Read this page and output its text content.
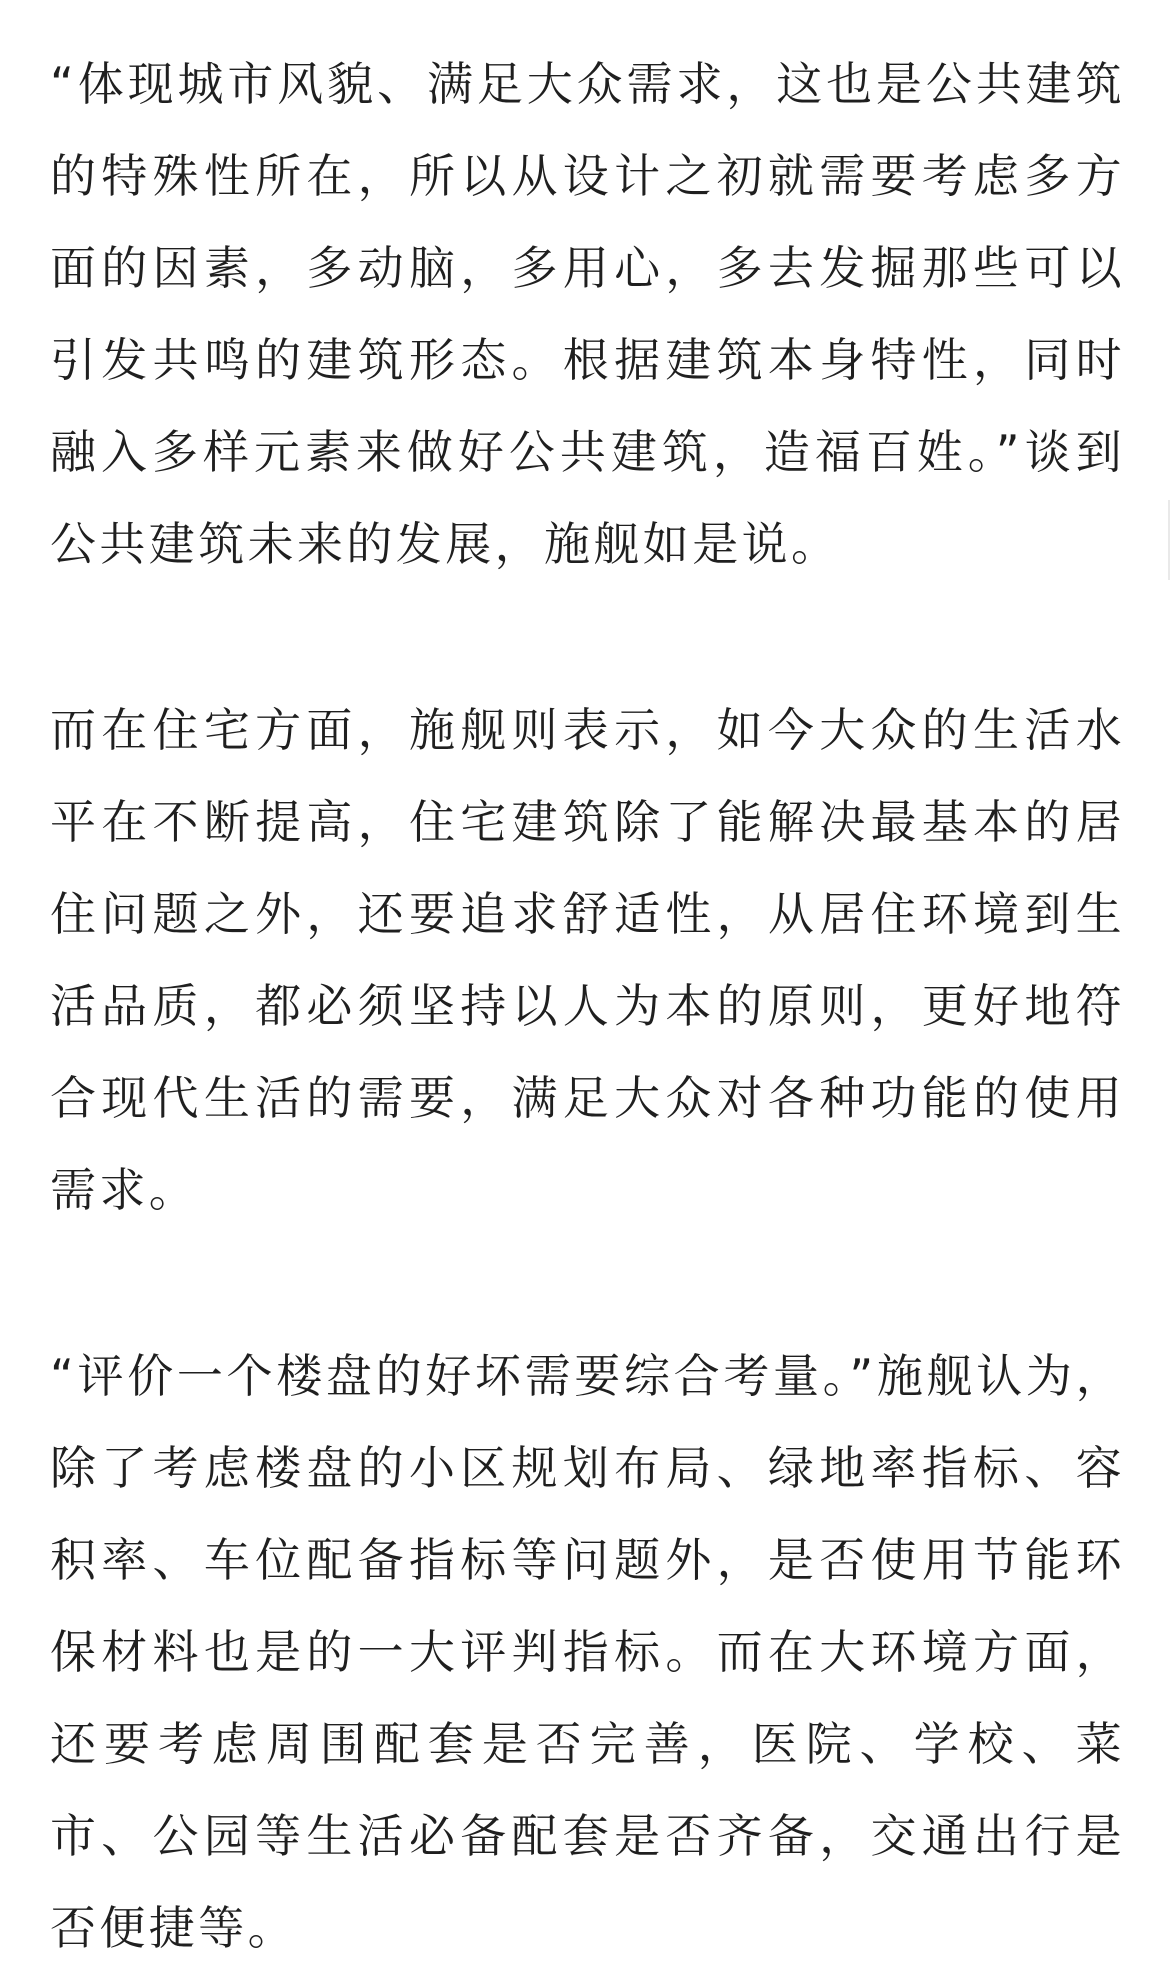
“体现城市风貌、满足大众需求，这也是公共建筑的特殊性所在，所以从设计之初就需要考虑多方面的因素，多动脑，多用心，多去发掘那些可以引发共鸣的建筑形态。根据建筑本身特性，同时融入多样元素来做好公共建筑，造福百姓。”谈到公共建筑未来的发展，施舰如是说。

而在住宅方面，施舰则表示，如今大众的生活水平在不断提高，住宅建筑除了能解决最基本的居住问题之外，还要追求舒适性，从居住环境到生活品质，都必须坚持以人为本的原则，更好地符合现代生活的需要，满足大众对各种功能的使用需求。

“评价一个楼盘的好坏需要综合考量。”施舰认为，除了考虑楼盘的小区规划布局、绿地率指标、容积率、车位配备指标等问题外，是否使用节能环保材料也是的一大评判指标。而在大环境方面，还要考虑周围配套是否完善，医院、学校、菜市、公园等生活必备配套是否齐备，交通出行是否便捷等。
